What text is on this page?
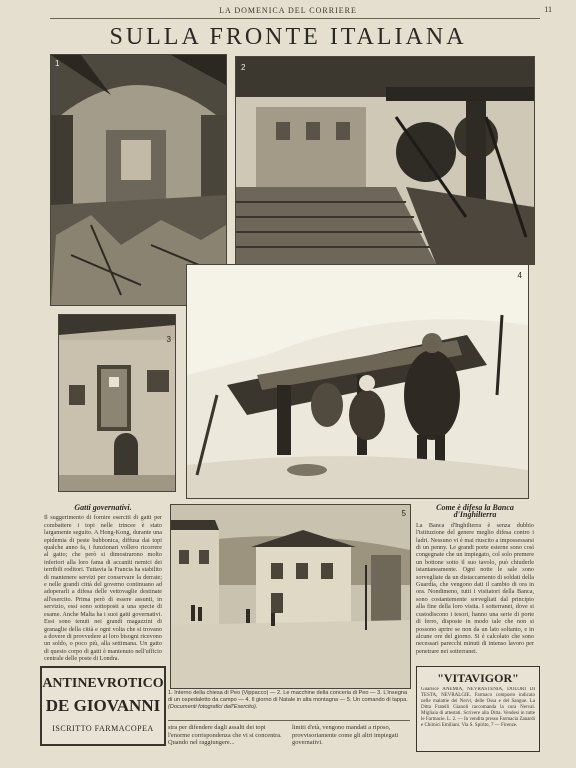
LA DOMENICA DEL CORRIERE	11
SULLA FRONTE ITALIANA
1	2
3
4
5
Gatti governativi.
Il suggerimento di fornire eserciti di gatti per combattere i topi nelle trincee è stato largamente seguito. A Hong-Kong, durante una epidemia di peste bubbonica, diffusa dai topi qualche anno fa, i funzionari vollero ricorrere al gatto; che però si dimostrarono molto inferiori alla loro fama di accaniti nemici dei terribili roditori. Tuttavia la Francia ha stabilito di mantenere servizi per conservare la derrate; e nelle grandi città del governo continuano ad adoperarli a difesa delle vettovaglie destinate all'esercito. Prima però di essere assunti, in servizio, essi sono sottoposti a una specie di esame. Anche Malta ha i suoi gatti governativi. Essi sono tenuti nei grandi magazzini di granaglie della città e ogni volta che si trovano a dovere di provvedere ai loro bisogni ricevono un soldo, o poco più, alla settimana. Un gatto di questo corpo di gatti è mantenuto nell'ufficio centrale delle poste di Londra.
Come è difesa la Banca d'Inghilterra
La Banca d'Inghilterra è senza dubbio l'istituzione del genere meglio difesa contro i ladri. Nessuno vi è mai riuscito a impossessarsi di un penny. Le grandi porte esterne sono così congegnate che un impiegato, col solo premere un bottone sotto il suo tavolo, può chiuderle istantaneamente. Ogni notte le sale sono sorvegliate da un distaccamento di soldati della Guardia, che vengono dati il cambio di ora in ora. Nondimeno, tutti i visitatori della Banca, sono costantemente sorvegliati dal principio alla fine della loro visita. I sotterranei, dove si custodiscono i tesori, hanno una serie di porte di ferro, disposte in modo tale che non si possono aprire se non da un lato soltanto, e in alcune ore del giorno. Si è calcolato che sono necessari parecchi minuti di intenso lavoro per penetrare nei sotterranei.
ANTINEVROTICO
DE GIOVANNI
ISCRITTO FARMACOPEA
"VITAVIGOR"
Guarisce ANEMIA, NEVRASTENIA, DOLORI DI TESTA, NEVRALGIE. Farmaco composto indicato nelle malattie dei Nervi, delle Ossa e del Sangue. La Ditta Fratelli Gianoli raccomanda la cura Nerval. Migliaia di attestati. Scrivere alla Ditta. Vendesi in tutte le Farmacie. L. 2. — In vendita presso Farmacia Zanardi e Chimici Emiliani. Via S. Spirito, 7 — Firenze.
1. Interno della chiesa di Peo (Vippacco) — 2. Le macchine della conceria di Peo — 3. L'insegna di un ospedaletto da campo — 4. Il giorno di Natale in alta montagna — 5. Un comando di tappa. (Documenti fotografici dell'Esercito).
stra per difendere dagli assalti dei topi l'enorme corrispondenza che vi si concentra. Quando nel raggiungere...
limiti d'età, vengono mandati a riposo, provvisoriamente come gli altri impiegati governativi.
